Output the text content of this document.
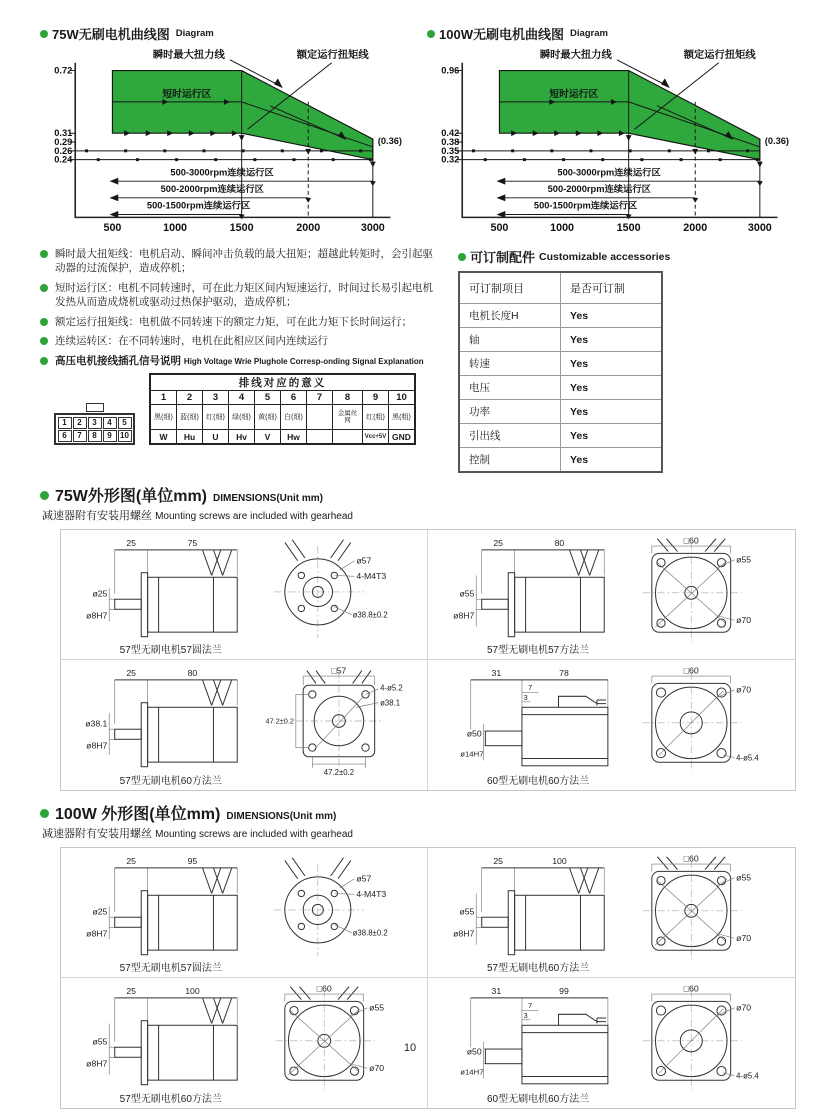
75W无刷电机曲线图 Diagram
0.72
0.31
0.29
0.26
0.24
500	1000	1500	2000	3000
瞬时最大扭力线	额定运行扭矩线
短时运行区
(0.36)
500-3000rpm连续运行区
500-2000rpm连续运行区
500-1500rpm连续运行区
100W无刷电机曲线图 Diagram
0.96
0.42
0.38
0.35
0.32
500	1000	1500	2000	3000
瞬时最大扭力线	额定运行扭矩线
短时运行区
(0.36)
500-3000rpm连续运行区
500-2000rpm连续运行区
500-1500rpm连续运行区

瞬时最大扭矩线：电机启动、瞬间冲击负载的最大扭矩；超越此转矩时，会引起驱动器的过流保护，造成停机；

短时运行区：电机不同转速时，可在此力矩区间内短速运行，时间过长易引起电机发热从而造成烧机或驱动过热保护驱动，造成停机；

额定运行扭矩线：电机做不同转速下的额定力矩，可在此力矩下长时间运行；

连续运转区：在不同转速时，电机在此相应区间内连续运行

高压电机接线插孔信号说明 High Voltage Wrie Plughole Corresp-onding Signal Explanation

1	2	3	4	5
6	7	8	9	10
排线对应的意义									
1	2	3	4	5	6	7	8	9	10
黑(细)	蓝(细)	红(细)	绿(细)	黄(细)	白(细)		金属丝网	红(粗)	黑(粗)
W	Hu	U	Hv	V	Hw			Vcc+5V	GND
可订制配件 Customizable accessories
可订制项目	是否可订制
电机长度H	Yes
轴	Yes
转速	Yes
电压	Yes
功率	Yes
引出线	Yes
控制	Yes
75W外形图(单位mm) DIMENSIONS(Unit mm)
减速器附有安装用螺丝 Mounting screws are included with gearhead
25	75
ø25
ø8H7
ø57
4-M4T3
ø38.8±0.2
57型无刷电机57圆法兰
25	80
ø55
ø8H7
□60
ø55
ø70
57型无刷电机57方法兰
25	80
ø38.1
ø8H7
□57
47.2±0.2
47.2±0.2
4-ø5.2
ø38.1
57型无刷电机60方法兰
31	78
7
3
ø50
ø14H7
□60
ø70
4-ø5.4
60型无刷电机60方法兰
100W 外形图(单位mm) DIMENSIONS(Unit mm)
减速器附有安装用螺丝 Mounting screws are included with gearhead
25	95
ø25
ø8H7
ø57
4-M4T3
ø38.8±0.2
57型无刷电机57圆法兰
25	100
ø55
ø8H7
□60
ø55
ø70
57型无刷电机60方法兰
25	100
ø55
ø8H7
□60
ø55
ø70
57型无刷电机60方法兰
31	99
7
3
ø50
ø14H7
□60
ø70
4-ø5.4
60型无刷电机60方法兰
10
